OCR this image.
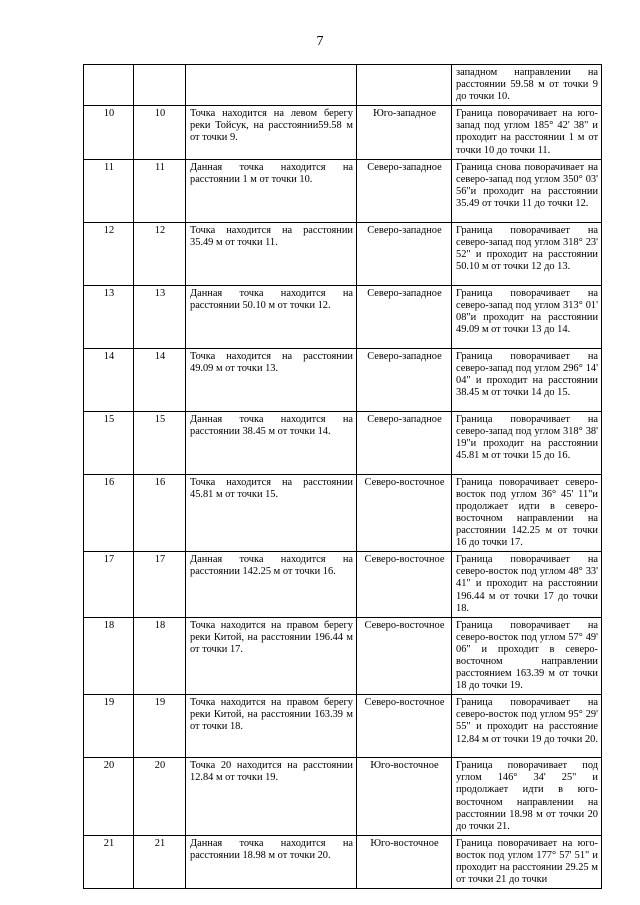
7
				западном направлении на расстоянии 59.58 м от точки 9 до точки 10.
10	10	Точка находится на левом берегу реки Тойсук, на расстоянии59.58 м от точки 9.	Юго-западное	Граница поворачивает на юго-запад под углом 185° 42' 38" и проходит на расстоянии 1 м от точки 10 до точки 11.
11	11	Данная точка находится на расстоянии 1 м от точки 10.	Северо-западное	Граница снова поворачивает на северо-запад под углом 350° 03' 56"и проходит на расстоянии 35.49 от точки 11 до точки 12.
12	12	Точка находится на расстоянии 35.49 м от точки 11.	Северо-западное	Граница поворачивает на северо-запад под углом 318° 23' 52" и проходит на расстоянии 50.10 м от точки 12 до 13.
13	13	Данная точка находится на расстоянии 50.10 м от точки 12.	Северо-западное	Граница поворачивает на северо-запад под углом 313° 01' 08"и проходит на расстоянии 49.09 м от точки 13 до 14.
14	14	Точка находится на расстоянии 49.09 м от точки 13.	Северо-западное	Граница поворачивает на северо-запад под углом 296° 14' 04" и проходит на расстоянии 38.45 м от точки 14 до 15.
15	15	Данная точка находится на расстоянии 38.45 м от точки 14.	Северо-западное	Граница поворачивает на северо-запад под углом 318° 38' 19"и проходит на расстоянии 45.81 м от точки 15 до 16.
16	16	Точка находится на расстоянии 45.81 м от точки 15.	Северо-восточное	Граница поворачивает северо-восток под углом 36° 45' 11"и продолжает идти в северо-восточном направлении на расстоянии 142.25 м от точки 16 до точки 17.
17	17	Данная точка находится на расстоянии 142.25 м от точки 16.	Северо-восточное	Граница поворачивает на северо-восток под углом 48° 33' 41" и проходит на расстоянии 196.44 м от точки 17 до точки 18.
18	18	Точка находится на правом берегу реки Китой, на расстоянии 196.44 м от точки 17.	Северо-восточное	Граница поворачивает на северо-восток под углом 57° 49' 06" и проходит в северо-восточном направлении расстоянием 163.39 м от точки 18 до точки 19.
19	19	Точка находится на правом берегу реки Китой, на расстоянии 163.39 м от точки 18.	Северо-восточное	Граница поворачивает на северо-восток под углом 95° 29' 55" и проходит на расстояние 12.84 м от точки 19 до точки 20.
20	20	Точка 20 находится на расстоянии 12.84 м от точки 19.	Юго-восточное	Граница поворачивает под углом 146° 34' 25" и продолжает идти в юго-восточном направлении на расстоянии 18.98 м от точки 20 до точки 21.
21	21	Данная точка находится на расстоянии 18.98 м от точки 20.	Юго-восточное	Граница поворачивает на юго-восток под углом 177° 57' 51" и проходит на расстоянии 29.25 м от точки 21 до точки
